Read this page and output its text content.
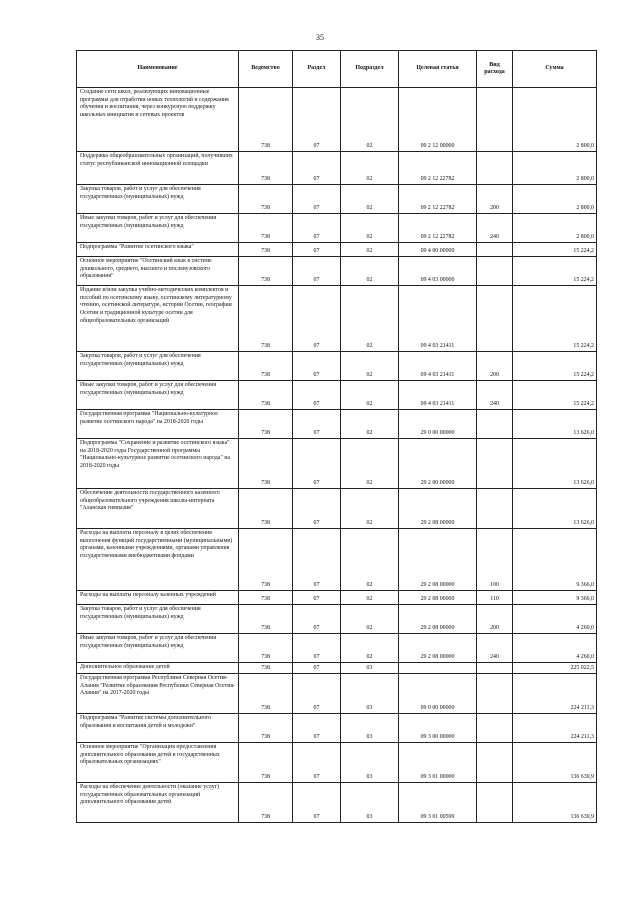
35
Наименование	Ведомство	Раздел	Подраздел	Целевая статья	Вид расхода	Сумма
Создание сети школ, реализующих инновационные программы для отработки новых технологий и содержания обучения и воспитания, через конкурсную поддержку школьных инициатив и сетевых проектов	738	07	02	09 2 12 00000		2 800,0
Поддержка общеобразовательных организаций, получивших статус республиканской инновационной площадки	738	07	02	09 2 12 22782		2 800,0
Закупка товаров, работ и услуг для обеспечения государственных (муниципальных) нужд	738	07	02	09 2 12 22782	200	2 800,0
Иные закупки товаров, работ и услуг для обеспечения государственных (муниципальных) нужд	738	07	02	09 2 12 22782	240	2 800,0
Подпрограмма "Развитие осетинского языка"	738	07	02	09 4 00 00000		15 224,2
Основное мероприятие "Осетинский язык в системе дошкольного, среднего, высшего и послевузовского образования"	738	07	02	09 4 03 00000		15 224,2
Издание и/или закупка учебно-методических комплектов и пособий по осетинскому языку, осетинскому литературному чтению, осетинской литературе, истории Осетии, географии Осетии и традиционной культуре осетин для общеобразовательных организаций	738	07	02	09 4 03 21411		15 224,2
Закупка товаров, работ и услуг для обеспечения государственных (муниципальных) нужд	738	07	02	09 4 03 21411	200	15 224,2
Иные закупки товаров, работ и услуг для обеспечения государственных (муниципальных) нужд	738	07	02	09 4 03 21411	240	15 224,2
Государственная программа "Национально-культурное развитие осетинского народа" на 2018-2020 годы	738	07	02	29 0 00 00000		13 626,0
Подпрограмма "Сохранение и развитие осетинского языка" на 2018-2020 годы Государственной программы "Национально-культурное развитие осетинского народа" на 2018-2020 годы	738	07	02	29 2 00 00000		13 626,0
Обеспечение деятельности государственного казенного общеобразовательного учреждения школы-интерната "Аланская гимназия"	738	07	02	29 2 08 00000		13 626,0
Расходы на выплаты персоналу в целях обеспечения выполнения функций государственными (муниципальными) органами, казенными учреждениями, органами управления государственными внебюджетными фондами	738	07	02	29 2 08 00000	100	9 366,0
Расходы на выплаты персоналу казенных учреждений	738	07	02	29 2 08 00000	110	9 366,0
Закупка товаров, работ и услуг для обеспечения государственных (муниципальных) нужд	738	07	02	29 2 08 00000	200	4 260,0
Иные закупки товаров, работ и услуг для обеспечения государственных (муниципальных) нужд	738	07	02	29 2 08 00000	240	4 260,0
Дополнительное образование детей	738	07	03			225 022,5
Государственная программа Республики Северная Осетия-Алания "Развитие образования Республики Северная Осетия-Алания" на 2017-2020 годы	738	07	03	09 0 00 00000		224 211,3
Подпрограмма "Развитие системы дополнительного образования и воспитания детей и молодежи"	738	07	03	09 3 00 00000		224 211,3
Основное мероприятие "Организация предоставления дополнительного образования детей в государственных образовательных организациях"	738	07	03	09 3 01 00000		136 639,9
Расходы на обеспечение деятельности (оказание услуг) государственных образовательных организаций дополнительного образования детей	738	07	03	09 3 01 00599		136 639,9
